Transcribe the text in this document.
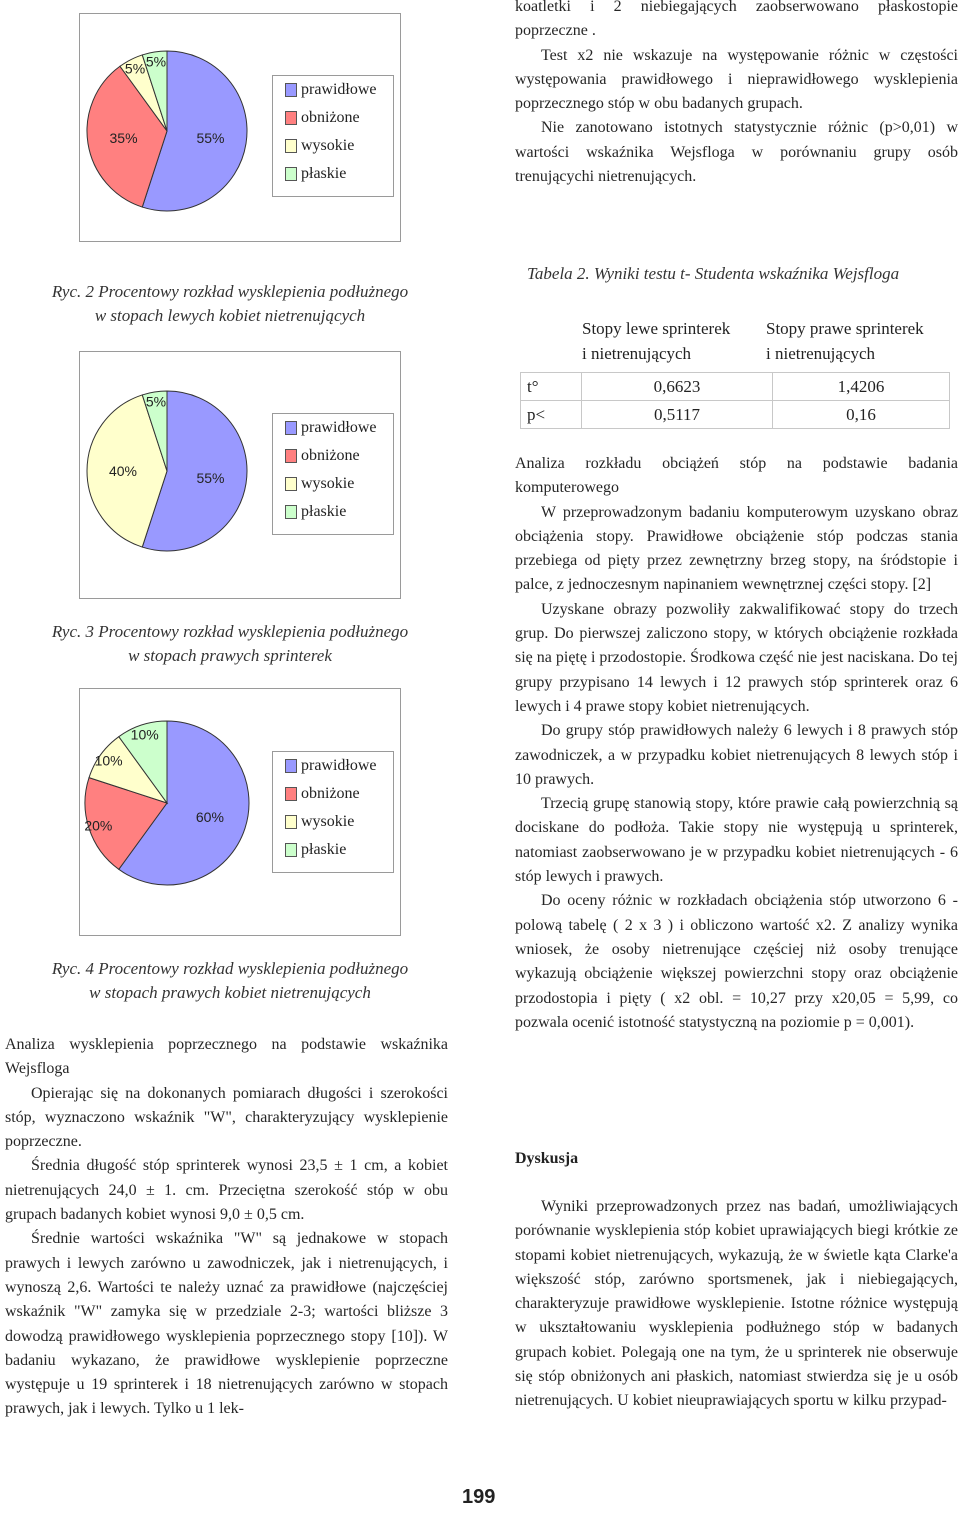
55%
35%
5% 5%
prawidłowe
obniżone
wysokie
płaskie
Ryc. 2 Procentowy rozkład wysklepienia podłużnego
w stopach lewych kobiet nietrenujących
55%
40%
5%
prawidłowe
obniżone
wysokie
płaskie
Ryc. 3 Procentowy rozkład wysklepienia podłużnego
w stopach prawych sprinterek
60%
20%
10%
10%
prawidłowe
obniżone
wysokie
płaskie
Ryc. 4 Procentowy rozkład wysklepienia podłużnego
w stopach prawych kobiet nietrenujących

Analiza wysklepienia poprzecznego na podstawie wskaźnika Wejsfloga

Opierając się na dokonanych pomiarach długości i szerokości stóp, wyznaczono wskaźnik "W", charakteryzujący wysklepienie poprzeczne.

Średnia długość stóp sprinterek wynosi 23,5 ± 1 cm, a kobiet nietrenujących 24,0 ± 1. cm. Przeciętna szerokość stóp w obu grupach badanych kobiet wynosi 9,0 ± 0,5 cm.

Średnie wartości wskaźnika "W" są jednakowe w stopach prawych i lewych zarówno u zawodniczek, jak i nietrenujących, i wynoszą 2,6. Wartości te należy uznać za prawidłowe (najczęściej wskaźnik "W" zamyka się w przedziale 2-3; wartości bliższe 3 dowodzą prawidłowego wysklepienia poprzecznego stopy [10]). W badaniu wykazano, że prawidłowe wysklepienie poprzeczne występuje u 19 sprinterek i 18 nietrenujących zarówno w stopach prawych, jak i lewych. Tylko u 1 lek-

koatletki i 2 niebiegających zaobserwowano płaskostopie poprzeczne .

Test x2 nie wskazuje na występowanie różnic w częstości występowania prawidłowego i nieprawidłowego wysklepienia poprzecznego stóp w obu badanych grupach.

Nie zanotowano istotnych statystycznie różnic (p>0,01) w wartości wskaźnika Wejsfloga w porównaniu grupy osób trenującychi nietrenujących.

Tabela 2. Wyniki testu t- Studenta wskaźnika Wejsfloga
Stopy lewe sprinterek
i nietrenujących
Stopy prawe sprinterek
i nietrenujących
t°	0,6623	1,4206
p<	0,5117	0,16

Analiza rozkładu obciążeń stóp na podstawie badania komputerowego

W przeprowadzonym badaniu komputerowym uzyskano obraz obciążenia stopy. Prawidłowe obciążenie stóp podczas stania przebiega od pięty przez zewnętrzny brzeg stopy, na śródstopie i palce, z jednoczesnym napinaniem wewnętrznej części stopy. [2]

Uzyskane obrazy pozwoliły zakwalifikować stopy do trzech grup. Do pierwszej zaliczono stopy, w których obciążenie rozkłada się na piętę i przodostopie. Środkowa część nie jest naciskana. Do tej grupy przypisano 14 lewych i 12 prawych stóp sprinterek oraz 6 lewych i 4 prawe stopy kobiet nietrenujących.

Do grupy stóp prawidłowych należy 6 lewych i 8 prawych stóp zawodniczek, a w przypadku kobiet nietrenujących 8 lewych stóp i 10 prawych.

Trzecią grupę stanowią stopy, które prawie całą powierzchnią są dociskane do podłoża. Takie stopy nie występują u sprinterek, natomiast zaobserwowano je w przypadku kobiet nietrenujących - 6 stóp lewych i prawych.

Do oceny różnic w rozkładach obciążenia stóp utworzono 6 - polową tabelę ( 2 x 3 ) i obliczono wartość x2. Z analizy wynika wniosek, że osoby nietrenujące częściej niż osoby trenujące wykazują obciążenie większej powierzchni stopy oraz obciążenie przodostopia i pięty ( x2 obl. = 10,27 przy x20,05 = 5,99, co pozwala ocenić istotność statystyczną na poziomie p = 0,001).

Dyskusja

Wyniki przeprowadzonych przez nas badań, umożliwiających porównanie wysklepienia stóp kobiet uprawiających biegi krótkie ze stopami kobiet nietrenujących, wykazują, że w świetle kąta Clarke'a większość stóp, zarówno sportsmenek, jak i niebiegających, charakteryzuje prawidłowe wysklepienie. Istotne różnice występują w ukształtowaniu wysklepienia podłużnego stóp w badanych grupach kobiet. Polegają one na tym, że u sprinterek nie obserwuje się stóp obniżonych ani płaskich, natomiast stwierdza się je u osób nietrenujących. U kobiet nieuprawiających sportu w kilku przypad-

199
